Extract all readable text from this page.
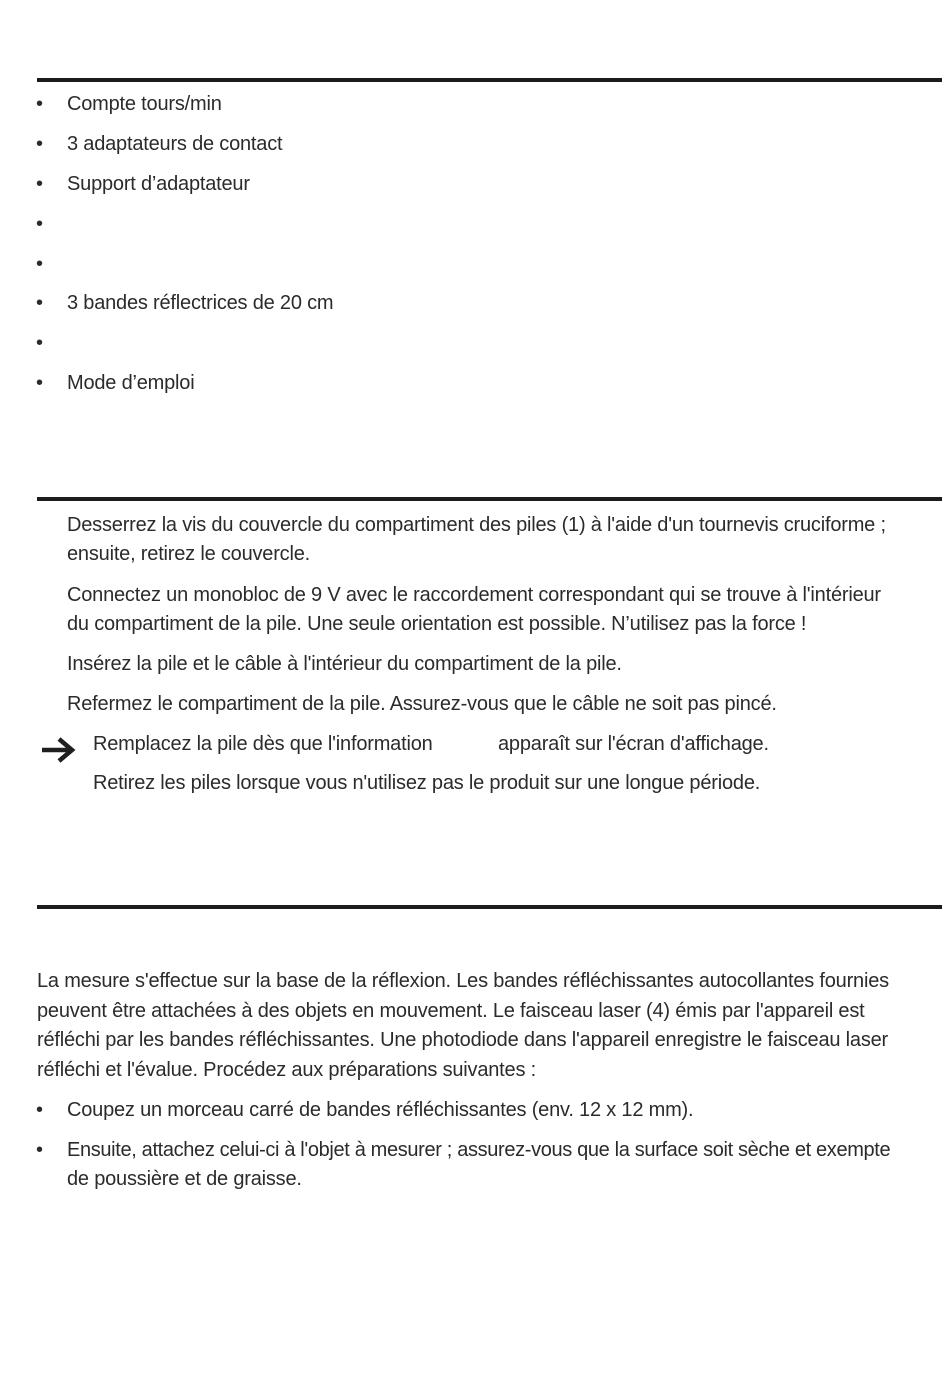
• Compte tours/min
• 3 adaptateurs de contact
• Support d’adaptateur
•
•
• 3 bandes réflectrices de 20 cm
•
• Mode d’emploi
Desserrez la vis du couvercle du compartiment des piles (1) à l'aide d'un tournevis cruciforme ;
ensuite, retirez le couvercle.
Connectez un monobloc de 9 V avec le raccordement correspondant qui se trouve à l'intérieur
du compartiment de la pile. Une seule orientation est possible. N’utilisez pas la force !
Insérez la pile et le câble à l'intérieur du compartiment de la pile.
Refermez le compartiment de la pile. Assurez-vous que le câble ne soit pas pincé.
Remplacez la pile dès que l'information	apparaît sur l'écran d'affichage.
Retirez les piles lorsque vous n'utilisez pas le produit sur une longue période.
La mesure s'effectue sur la base de la réflexion. Les bandes réfléchissantes autocollantes fournies
peuvent être attachées à des objets en mouvement. Le faisceau laser (4) émis par l'appareil est
réfléchi par les bandes réfléchissantes. Une photodiode dans l'appareil enregistre le faisceau laser
réfléchi et l'évalue. Procédez aux préparations suivantes :
• Coupez un morceau carré de bandes réfléchissantes (env. 12 x 12 mm).
• Ensuite, attachez celui-ci à l'objet à mesurer ; assurez-vous que la surface soit sèche et exempte
de poussière et de graisse.
